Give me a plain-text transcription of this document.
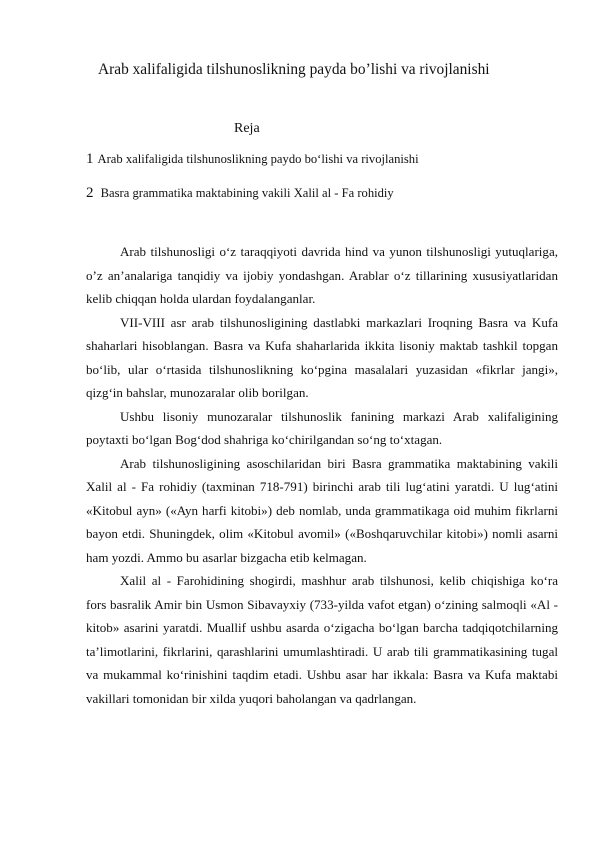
Arab xalifaligida tilshunoslikning payda bo’lishi va rivojlanishi
Reja
1 Arab xalifaligida tilshunoslikning paydo bo‘lishi va rivojlanishi
2 Basra grammatika maktabining vakili Xalil al - Fa rohidiy

Arab tilshunosligi o‘z taraqqiyoti davrida hind va yunon tilshunosligi yutuqlariga, o’z an’analariga tanqidiy va ijobiy yondashgan. Arablar o‘z tillarining xususiyatlaridan kelib chiqqan holda ulardan foydalanganlar.

VII-VIII asr arab tilshunosligining dastlabki markazlari Iroqning Basra va Kufa shaharlari hisoblangan. Basra va Kufa shaharlarida ikkita lisoniy maktab tashkil topgan bo‘lib, ular o‘rtasida tilshunoslikning ko‘pgina masalalari yuzasidan «fikrlar jangi», qizg‘in bahslar, munozaralar olib borilgan.

Ushbu lisoniy munozaralar tilshunoslik fanining markazi Arab xalifaligining poytaxti bo‘lgan Bog‘dod shahriga ko‘chirilgandan so‘ng to‘xtagan.

Arab tilshunosligining asoschilaridan biri Basra grammatika maktabining vakili Xalil al - Fa rohidiy (taxminan 718-791) birinchi arab tili lug‘atini yaratdi. U lug‘atini «Kitobul ayn» («Ayn harfi kitobi») deb nomlab, unda grammatikaga oid muhim fikrlarni bayon etdi. Shuningdek, olim «Kitobul avomil» («Boshqaruvchilar kitobi») nomli asarni ham yozdi. Ammo bu asarlar bizgacha etib kelmagan.

Xalil al - Farohidining shogirdi, mashhur arab tilshunosi, kelib chiqishiga ko‘ra fors basralik Amir bin Usmon Sibavayxiy (733-yilda vafot etgan) o‘zining salmoqli «Al - kitob» asarini yaratdi. Muallif ushbu asarda o‘zigacha bo‘lgan barcha tadqiqotchilarning ta’limotlarini, fikrlarini, qarashlarini umumlashtiradi. U arab tili grammatikasining tugal va mukammal ko‘rinishini taqdim etadi. Ushbu asar har ikkala: Basra va Kufa maktabi vakillari tomonidan bir xilda yuqori baholangan va qadrlangan.
